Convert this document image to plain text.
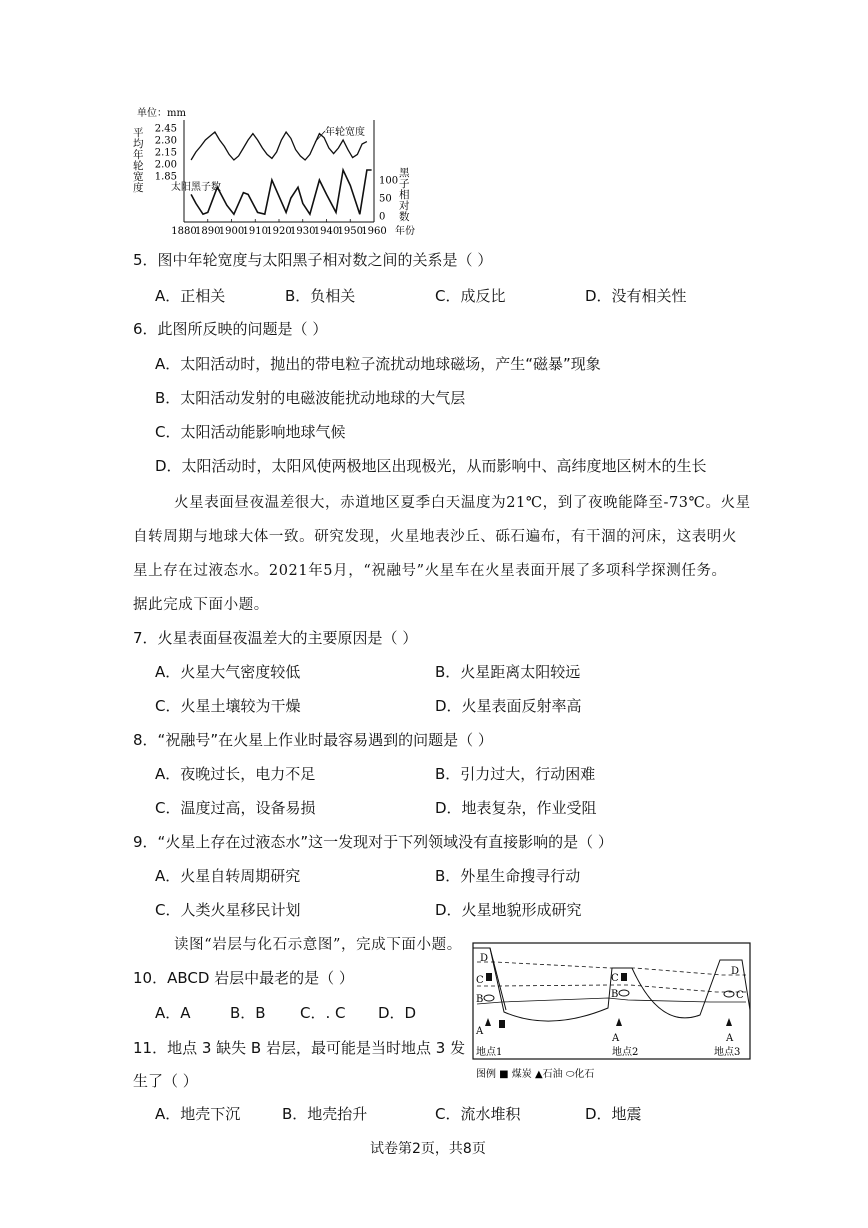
单位：mm
平
均
年
轮
宽
度
2.45
2.30
2.15
2.00
1.85
年轮宽度
太阳黑子数
100
50
0
黑
子
相
对
数
1880
1890
1900
1910
1920
1930
1940
1950
1960 年份
5．图中年轮宽度与太阳黑子相对数之间的关系是（ ）
A．正相关	B．负相关	C．成反比	D．没有相关性
6．此图所反映的问题是（ ）
A．太阳活动时，抛出的带电粒子流扰动地球磁场，产生“磁暴”现象
B．太阳活动发射的电磁波能扰动地球的大气层
C．太阳活动能影响地球气候
D．太阳活动时，太阳风使两极地区出现极光，从而影响中、高纬度地区树木的生长
火星表面昼夜温差很大，赤道地区夏季白天温度为21℃，到了夜晚能降至-73℃。火星
自转周期与地球大体一致。研究发现，火星地表沙丘、砾石遍布，有干涸的河床，这表明火
星上存在过液态水。2021年5月，“祝融号”火星车在火星表面开展了多项科学探测任务。
据此完成下面小题。
7．火星表面昼夜温差大的主要原因是（ ）
A．火星大气密度较低	B．火星距离太阳较远
C．火星土壤较为干燥	D．火星表面反射率高
8．“祝融号”在火星上作业时最容易遇到的问题是（ ）
A．夜晚过长，电力不足	B．引力过大，行动困难
C．温度过高，设备易损	D．地表复杂，作业受阻
9．“火星上存在过液态水”这一发现对于下列领域没有直接影响的是（ ）
A．火星自转周期研究	B．外星生命搜寻行动
C．人类火星移民计划	D．火星地貌形成研究
读图“岩层与化石示意图”，完成下面小题。
10．ABCD 岩层中最老的是（ ）
A．A	B．B C．. C D．D
11．地点 3 缺失 B 岩层，最可能是当时地点 3 发
生了（ ）
A．地壳下沉	B．地壳抬升	C．流水堆积	D．地震
D
C
B
A
C
B
A
D
C
A
地点1	地点2	地点3
图例 ■ 煤炭 ▲石油 ⬭化石
试卷第2页，共8页
